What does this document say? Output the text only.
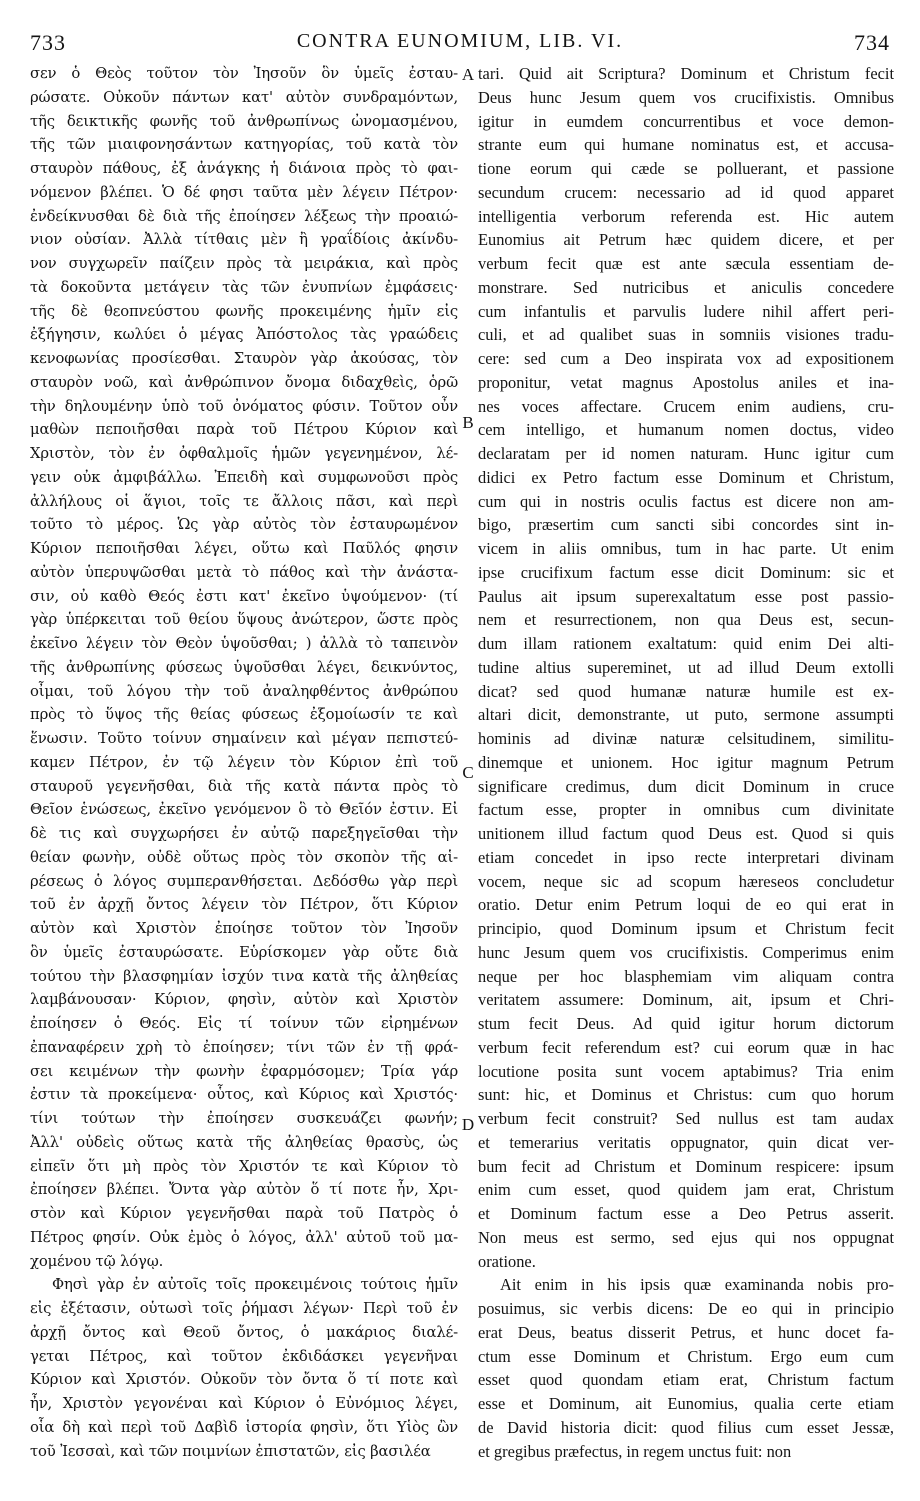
733	CONTRA EUNOMIUM, LIB. VI.	734
σεν ὁ Θεὸς τοῦτον τὸν Ἰησοῦν ὃν ὑμεῖς ἐσταυ-
ρώσατε. Οὐκοῦν πάντων κατ' αὐτὸν συνδραμόντων,
τῆς δεικτικῆς φωνῆς τοῦ ἀνθρωπίνως ὠνομασμένου,
τῆς τῶν μιαιφονησάντων κατηγορίας, τοῦ κατὰ τὸν
σταυρὸν πάθους, ἐξ ἀνάγκης ἡ διάνοια πρὸς τὸ φαι-
νόμενον βλέπει. Ὁ δέ φησι ταῦτα μὲν λέγειν Πέτρον·
ἐνδείκνυσθαι δὲ διὰ τῆς ἐποίησεν λέξεως τὴν προαιώ-
νιον οὐσίαν. Ἀλλὰ τίτθαις μὲν ἢ γραΐδίοις ἀκίνδυ-
νον συγχωρεῖν παίζειν πρὸς τὰ μειράκια, καὶ πρὸς
τὰ δοκοῦντα μετάγειν τὰς τῶν ἐνυπνίων ἐμφάσεις·
τῆς δὲ θεοπνεύστου φωνῆς προκειμένης ἡμῖν εἰς
ἐξήγησιν, κωλύει ὁ μέγας Ἀπόστολος τὰς γραώδεις
κενοφωνίας προσίεσθαι. Σταυρὸν γὰρ ἀκούσας, τὸν
σταυρὸν νοῶ, καὶ ἀνθρώπινον ὄνομα διδαχθεὶς, ὁρῶ
τὴν δηλουμένην ὑπὸ τοῦ ὀνόματος φύσιν. Τοῦτον οὖν
μαθὼν πεποιῆσθαι παρὰ τοῦ Πέτρου Κύριον καὶ
Χριστὸν, τὸν ἐν ὀφθαλμοῖς ἡμῶν γεγενημένον, λέ-
γειν οὐκ ἀμφιβάλλω. Ἐπειδὴ καὶ συμφωνοῦσι πρὸς
ἀλλήλους οἱ ἅγιοι, τοῖς τε ἄλλοις πᾶσι, καὶ περὶ
τοῦτο τὸ μέρος. Ὡς γὰρ αὐτὸς τὸν ἐσταυρωμένον
Κύριον πεποιῆσθαι λέγει, οὕτω καὶ Παῦλός φησιν
αὐτὸν ὑπερυψῶσθαι μετὰ τὸ πάθος καὶ τὴν ἀνάστα-
σιν, οὐ καθὸ Θεός ἐστι κατ' ἐκεῖνο ὑψούμενον· (τί
γὰρ ὑπέρκειται τοῦ θείου ὕψους ἀνώτερον, ὥστε πρὸς
ἐκεῖνο λέγειν τὸν Θεὸν ὑψοῦσθαι; ) ἀλλὰ τὸ ταπεινὸν
τῆς ἀνθρωπίνης φύσεως ὑψοῦσθαι λέγει, δεικνύντος,
οἶμαι, τοῦ λόγου τὴν τοῦ ἀναληφθέντος ἀνθρώπου
πρὸς τὸ ὕψος τῆς θείας φύσεως ἐξομοίωσίν τε καὶ
ἕνωσιν. Τοῦτο τοίνυν σημαίνειν καὶ μέγαν πεπιστεύ-
καμεν Πέτρον, ἐν τῷ λέγειν τὸν Κύριον ἐπὶ τοῦ
σταυροῦ γεγενῆσθαι, διὰ τῆς κατὰ πάντα πρὸς τὸ
Θεῖον ἑνώσεως, ἐκεῖνο γενόμενον ὃ τὸ Θεῖόν ἐστιν. Εἰ
δὲ τις καὶ συγχωρήσει ἐν αὐτῷ παρεξηγεῖσθαι τὴν
θείαν φωνὴν, οὐδὲ οὕτως πρὸς τὸν σκοπὸν τῆς αἱ-
ρέσεως ὁ λόγος συμπερανθήσεται. Δεδόσθω γὰρ περὶ
τοῦ ἐν ἀρχῇ ὄντος λέγειν τὸν Πέτρον, ὅτι Κύριον
αὐτὸν καὶ Χριστὸν ἐποίησε τοῦτον τὸν Ἰησοῦν
ὃν ὑμεῖς ἐσταυρώσατε. Εὑρίσκομεν γὰρ οὔτε διὰ
τούτου τὴν βλασφημίαν ἰσχύν τινα κατὰ τῆς ἀληθείας
λαμβάνουσαν· Κύριον, φησὶν, αὐτὸν καὶ Χριστὸν
ἐποίησεν ὁ Θεός. Εἰς τί τοίνυν τῶν εἰρημένων
ἐπαναφέρειν χρὴ τὸ ἐποίησεν; τίνι τῶν ἐν τῇ φρά-
σει κειμένων τὴν φωνὴν ἐφαρμόσομεν; Τρία γάρ
ἐστιν τὰ προκείμενα· οὗτος, καὶ Κύριος καὶ Χριστός·
τίνι τούτων τὴν ἐποίησεν συσκευάζει φωνήν;
Ἀλλ' οὐδεὶς οὕτως κατὰ τῆς ἀληθείας θρασὺς, ὡς
εἰπεῖν ὅτι μὴ πρὸς τὸν Χριστόν τε καὶ Κύριον τὸ
ἐποίησεν βλέπει. Ὄντα γὰρ αὐτὸν ὅ τί ποτε ἦν, Χρι-
στὸν καὶ Κύριον γεγενῆσθαι παρὰ τοῦ Πατρὸς ὁ
Πέτρος φησίν. Οὐκ ἐμὸς ὁ λόγος, ἀλλ' αὐτοῦ τοῦ μα-
χομένου τῷ λόγῳ.
Φησὶ γὰρ ἐν αὐτοῖς τοῖς προκειμένοις τούτοις ἡμῖν
εἰς ἐξέτασιν, οὑτωσὶ τοῖς ῥήμασι λέγων· Περὶ τοῦ ἐν
ἀρχῇ ὄντος καὶ Θεοῦ ὄντος, ὁ μακάριος διαλέ-
γεται Πέτρος, καὶ τοῦτον ἐκδιδάσκει γεγενῆναι
Κύριον καὶ Χριστόν. Οὐκοῦν τὸν ὄντα ὅ τί ποτε καὶ
ἦν, Χριστὸν γεγονέναι καὶ Κύριον ὁ Εὐνόμιος λέγει,
οἷα δὴ καὶ περὶ τοῦ Δαβὶδ ἱστορία φησὶν, ὅτι Υἱὸς ὢν
τοῦ Ἰεσσαὶ, καὶ τῶν ποιμνίων ἐπιστατῶν, εἰς βασιλέα
A
B
C
D
tari. Quid ait Scriptura? Dominum et Christum fecit
Deus hunc Jesum quem vos crucifixistis. Omnibus
igitur in eumdem concurrentibus et voce demon-
strante eum qui humane nominatus est, et accusa-
tione eorum qui cæde se polluerant, et passione
secundum crucem: necessario ad id quod apparet
intelligentia verborum referenda est. Hic autem
Eunomius ait Petrum hæc quidem dicere, et per
verbum fecit quæ est ante sæcula essentiam de-
monstrare. Sed nutricibus et aniculis concedere
cum infantulis et parvulis ludere nihil affert peri-
culi, et ad qualibet suas in somniis visiones tradu-
cere: sed cum a Deo inspirata vox ad expositionem
proponitur, vetat magnus Apostolus aniles et ina-
nes voces affectare. Crucem enim audiens, cru-
cem intelligo, et humanum nomen doctus, video
declaratam per id nomen naturam. Hunc igitur cum
didici ex Petro factum esse Dominum et Christum,
cum qui in nostris oculis factus est dicere non am-
bigo, præsertim cum sancti sibi concordes sint in-
vicem in aliis omnibus, tum in hac parte. Ut enim
ipse crucifixum factum esse dicit Dominum: sic et
Paulus ait ipsum superexaltatum esse post passio-
nem et resurrectionem, non qua Deus est, secun-
dum illam rationem exaltatum: quid enim Dei alti-
tudine altius supereminet, ut ad illud Deum extolli
dicat? sed quod humanæ naturæ humile est ex-
altari dicit, demonstrante, ut puto, sermone assumpti
hominis ad divinæ naturæ celsitudinem, similitu-
dinemque et unionem. Hoc igitur magnum Petrum
significare credimus, dum dicit Dominum in cruce
factum esse, propter in omnibus cum divinitate
unitionem illud factum quod Deus est. Quod si quis
etiam concedet in ipso recte interpretari divinam
vocem, neque sic ad scopum hæreseos concludetur
oratio. Detur enim Petrum loqui de eo qui erat in
principio, quod Dominum ipsum et Christum fecit
hunc Jesum quem vos crucifixistis. Comperimus enim
neque per hoc blasphemiam vim aliquam contra
veritatem assumere: Dominum, ait, ipsum et Chri-
stum fecit Deus. Ad quid igitur horum dictorum
verbum fecit referendum est? cui eorum quæ in hac
locutione posita sunt vocem aptabimus? Tria enim
sunt: hic, et Dominus et Christus: cum quo horum
verbum fecit construit? Sed nullus est tam audax
et temerarius veritatis oppugnator, quin dicat ver-
bum fecit ad Christum et Dominum respicere: ipsum
enim cum esset, quod quidem jam erat, Christum
et Dominum factum esse a Deo Petrus asserit.
Non meus est sermo, sed ejus qui nos oppugnat
oratione.
Ait enim in his ipsis quæ examinanda nobis pro-
posuimus, sic verbis dicens: De eo qui in principio
erat Deus, beatus disserit Petrus, et hunc docet fa-
ctum esse Dominum et Christum. Ergo eum cum
esset quod quondam etiam erat, Christum factum
esse et Dominum, ait Eunomius, qualia certe etiam
de David historia dicit: quod filius cum esset Jessæ,
et gregibus præfectus, in regem unctus fuit: non
